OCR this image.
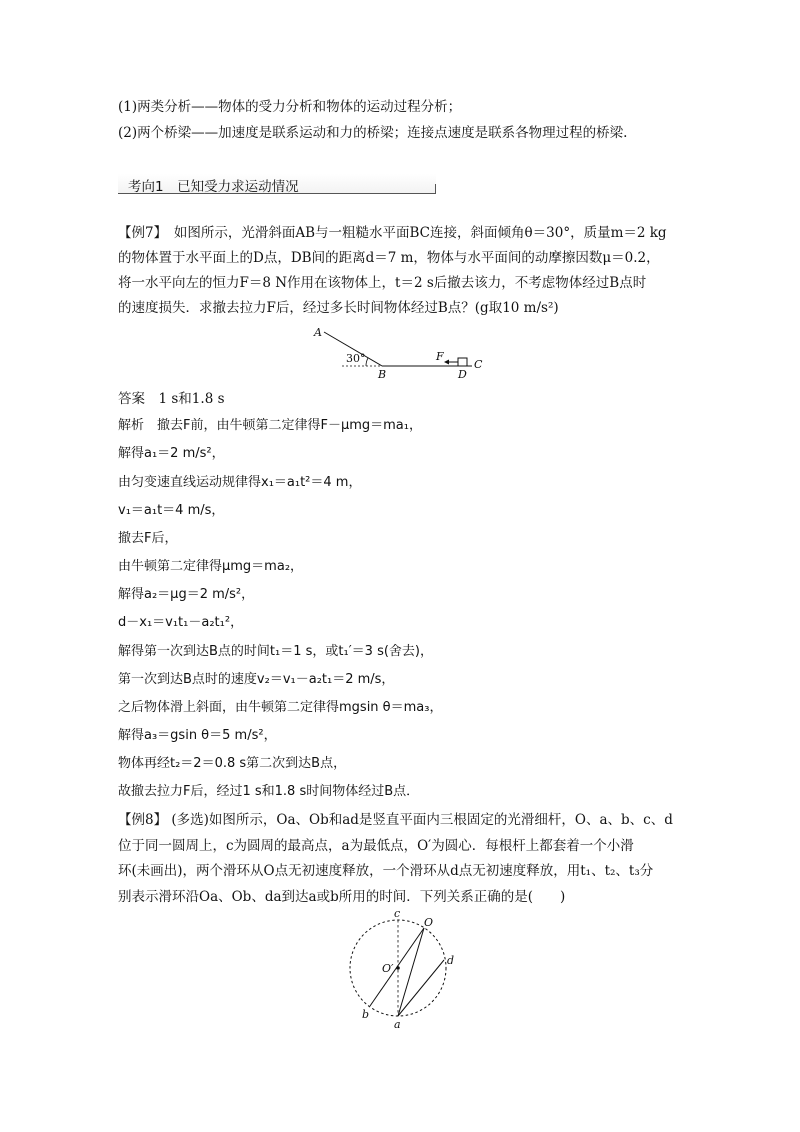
(1)两类分析——物体的受力分析和物体的运动过程分析；
(2)两个桥梁——加速度是联系运动和力的桥梁；连接点速度是联系各物理过程的桥梁.
考向1　已知受力求运动情况
【例7】　如图所示，光滑斜面AB与一粗糙水平面BC连接，斜面倾角θ＝30°，质量m＝2 kg
的物体置于水平面上的D点，DB间的距离d＝7 m，物体与水平面间的动摩擦因数μ＝0.2，
将一水平向左的恒力F＝8 N作用在该物体上，t＝2 s后撤去该力，不考虑物体经过B点时
的速度损失．求撤去拉力F后，经过多长时间物体经过B点？(g取10 m/s²)
A
30°
B
F
D
C
答案　1 s和1.8 s
解析　撤去F前，由牛顿第二定律得F－μmg＝ma₁，
解得a₁＝2 m/s²，
由匀变速直线运动规律得x₁＝a₁t²＝4 m，
v₁＝a₁t＝4 m/s，
撤去F后，
由牛顿第二定律得μmg＝ma₂，
解得a₂＝μg＝2 m/s²，
d－x₁＝v₁t₁－a₂t₁²，
解得第一次到达B点的时间t₁＝1 s，或t₁′＝3 s(舍去)，
第一次到达B点时的速度v₂＝v₁－a₂t₁＝2 m/s，
之后物体滑上斜面，由牛顿第二定律得mgsin θ＝ma₃，
解得a₃＝gsin θ＝5 m/s²，
物体再经t₂＝2＝0.8 s第二次到达B点，
故撤去拉力F后，经过1 s和1.8 s时间物体经过B点．
【例8】 (多选)如图所示，Oa、Ob和ad是竖直平面内三根固定的光滑细杆，O、a、b、c、d
位于同一圆周上，c为圆周的最高点，a为最低点，O′为圆心．每根杆上都套着一个小滑
环(未画出)，两个滑环从O点无初速度释放，一个滑环从d点无初速度释放，用t₁、t₂、t₃分
别表示滑环沿Oa、Ob、da到达a或b所用的时间．下列关系正确的是(　　)
c
O
O′
d
b
a
